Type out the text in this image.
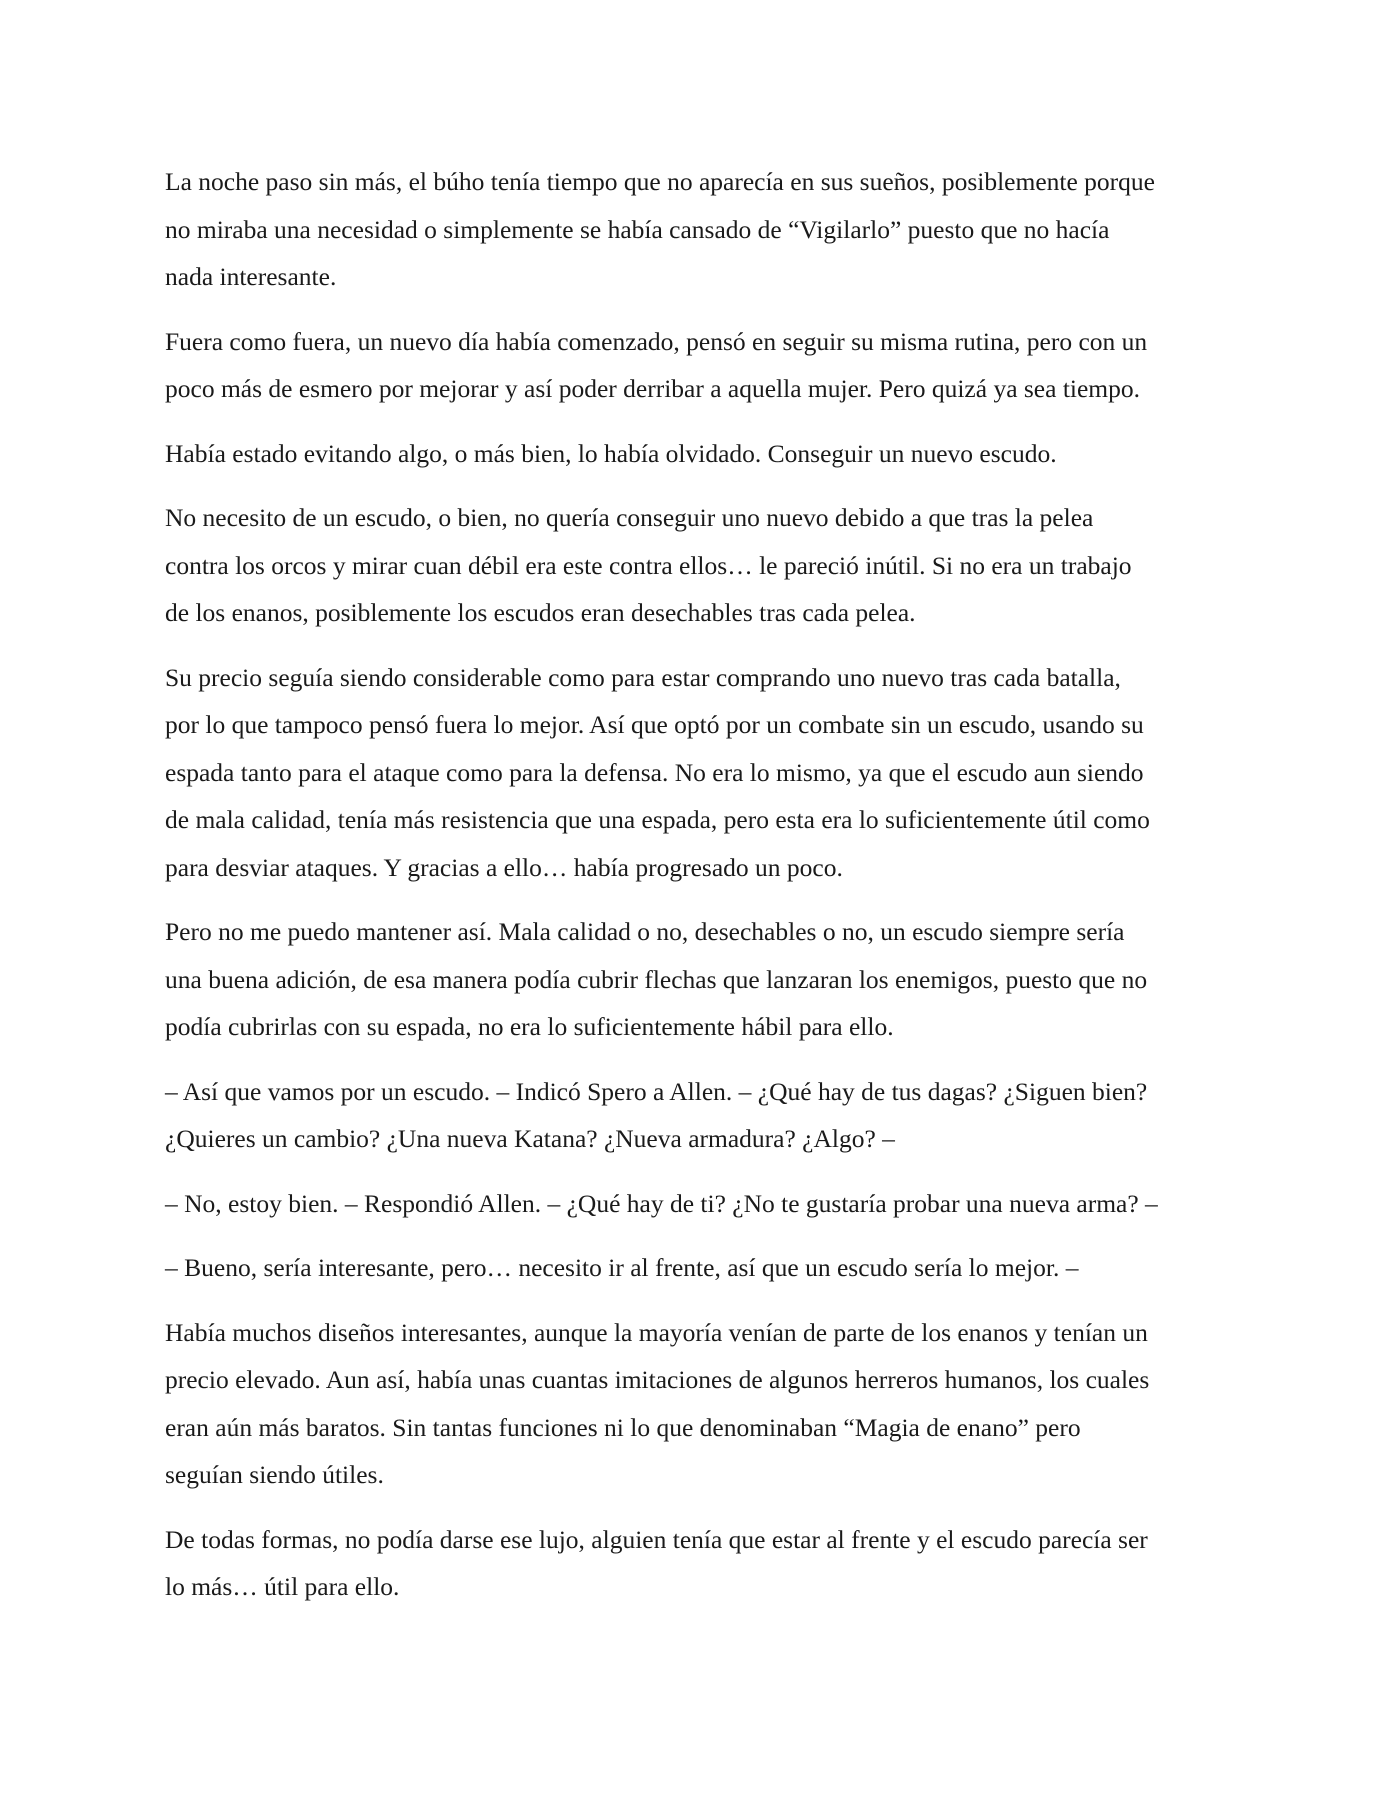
La noche paso sin más, el búho tenía tiempo que no aparecía en sus sueños, posiblemente porque
no miraba una necesidad o simplemente se había cansado de “Vigilarlo” puesto que no hacía
nada interesante.

Fuera como fuera, un nuevo día había comenzado, pensó en seguir su misma rutina, pero con un
poco más de esmero por mejorar y así poder derribar a aquella mujer. Pero quizá ya sea tiempo.

Había estado evitando algo, o más bien, lo había olvidado. Conseguir un nuevo escudo.

No necesito de un escudo, o bien, no quería conseguir uno nuevo debido a que tras la pelea
contra los orcos y mirar cuan débil era este contra ellos… le pareció inútil. Si no era un trabajo
de los enanos, posiblemente los escudos eran desechables tras cada pelea.

Su precio seguía siendo considerable como para estar comprando uno nuevo tras cada batalla,
por lo que tampoco pensó fuera lo mejor. Así que optó por un combate sin un escudo, usando su
espada tanto para el ataque como para la defensa. No era lo mismo, ya que el escudo aun siendo
de mala calidad, tenía más resistencia que una espada, pero esta era lo suficientemente útil como
para desviar ataques. Y gracias a ello… había progresado un poco.

Pero no me puedo mantener así. Mala calidad o no, desechables o no, un escudo siempre sería
una buena adición, de esa manera podía cubrir flechas que lanzaran los enemigos, puesto que no
podía cubrirlas con su espada, no era lo suficientemente hábil para ello.

– Así que vamos por un escudo. – Indicó Spero a Allen. – ¿Qué hay de tus dagas? ¿Siguen bien?
¿Quieres un cambio? ¿Una nueva Katana? ¿Nueva armadura? ¿Algo? –

– No, estoy bien. – Respondió Allen. – ¿Qué hay de ti? ¿No te gustaría probar una nueva arma? –

– Bueno, sería interesante, pero… necesito ir al frente, así que un escudo sería lo mejor. –

Había muchos diseños interesantes, aunque la mayoría venían de parte de los enanos y tenían un
precio elevado. Aun así, había unas cuantas imitaciones de algunos herreros humanos, los cuales
eran aún más baratos. Sin tantas funciones ni lo que denominaban “Magia de enano” pero
seguían siendo útiles.

De todas formas, no podía darse ese lujo, alguien tenía que estar al frente y el escudo parecía ser
lo más… útil para ello.
